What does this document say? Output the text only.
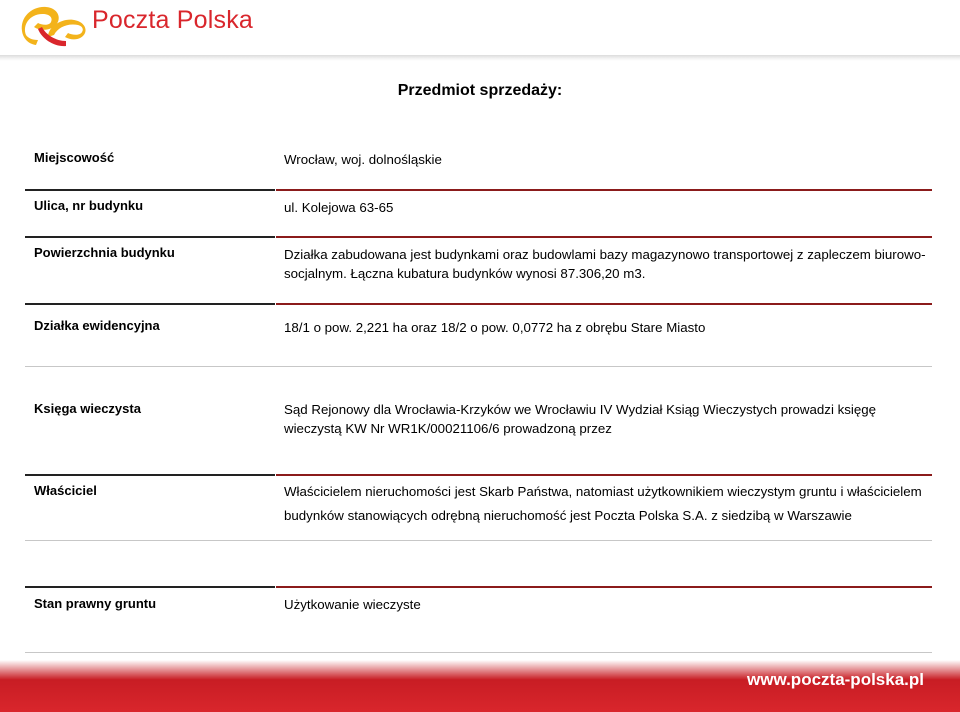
Poczta Polska
Przedmiot sprzedaży:
Miejscowość	Wrocław, woj. dolnośląskie
Ulica, nr budynku	ul. Kolejowa 63-65
Powierzchnia budynku	Działka zabudowana jest budynkami oraz budowlami bazy magazynowo transportowej z zapleczem biurowo-socjalnym. Łączna kubatura budynków wynosi 87.306,20 m3.
Działka ewidencyjna	18/1 o pow. 2,221 ha oraz 18/2 o pow. 0,0772 ha z obrębu Stare Miasto
Księga wieczysta	Sąd Rejonowy dla Wrocławia-Krzyków we Wrocławiu IV Wydział Ksiąg Wieczystych prowadzi księgę wieczystą KW Nr WR1K/00021106/6 prowadzoną przez
Właściciel	Właścicielem nieruchomości jest Skarb Państwa, natomiast użytkownikiem wieczystym gruntu i właścicielem budynków stanowiących odrębną nieruchomość jest Poczta Polska S.A. z siedzibą w Warszawie
Stan prawny gruntu	Użytkowanie wieczyste
www.poczta-polska.pl
